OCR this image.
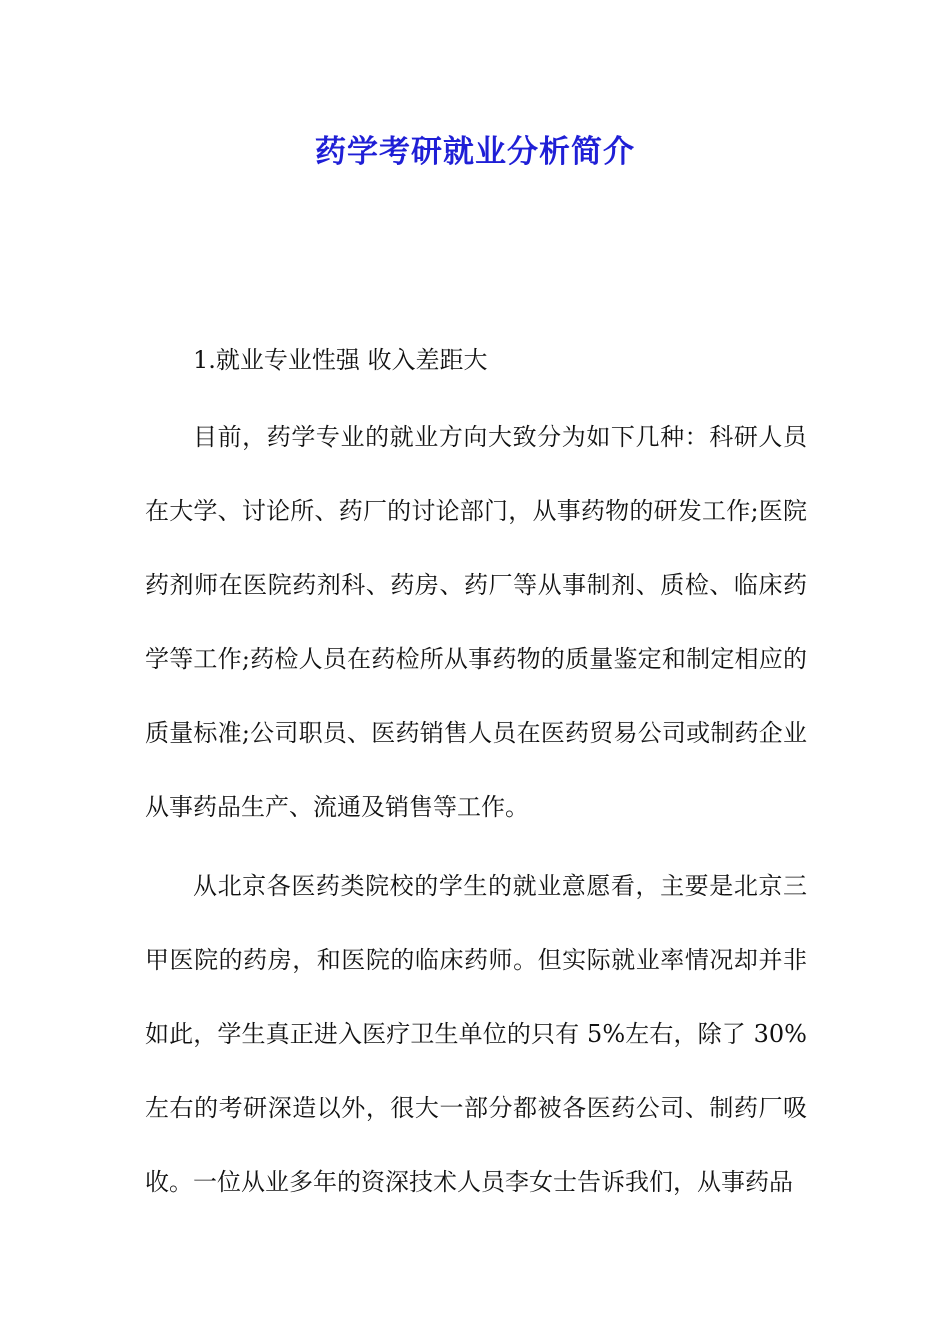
药学考研就业分析简介

1.就业专业性强 收入差距大

目前，药学专业的就业方向大致分为如下几种：科研人员在大学、讨论所、药厂的讨论部门，从事药物的研发工作;医院药剂师在医院药剂科、药房、药厂等从事制剂、质检、临床药学等工作;药检人员在药检所从事药物的质量鉴定和制定相应的质量标准;公司职员、医药销售人员在医药贸易公司或制药企业从事药品生产、流通及销售等工作。

从北京各医药类院校的学生的就业意愿看，主要是北京三甲医院的药房，和医院的临床药师。但实际就业率情况却并非如此，学生真正进入医疗卫生单位的只有 5%左右，除了 30%左右的考研深造以外，很大一部分都被各医药公司、制药厂吸收。 一位从业多年的资深技术人员李女士告诉我们，从事药品
